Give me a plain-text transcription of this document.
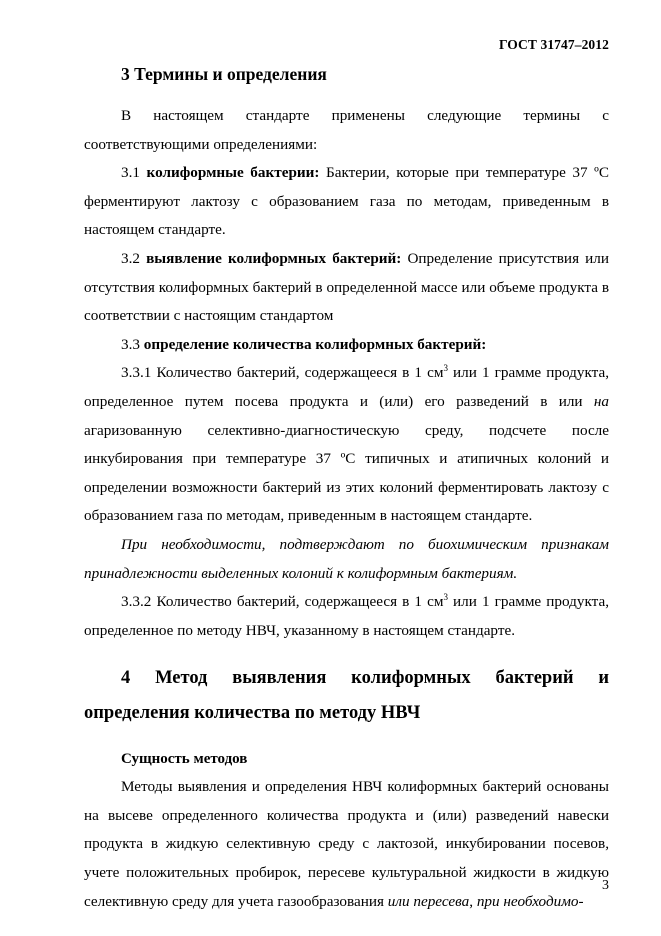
ГОСТ 31747–2012

3 Термины и определения

В настоящем стандарте применены следующие термины с соответствующими определениями:

3.1 колиформные бактерии: Бактерии, которые при температуре 37 ºС ферментируют лактозу с образованием газа по методам, приведенным в настоящем стандарте.

3.2 выявление колиформных бактерий: Определение присутствия или отсутствия колиформных бактерий в определенной массе или объеме продукта в соответствии с настоящим стандартом

3.3 определение количества колиформных бактерий:

3.3.1 Количество бактерий, содержащееся в 1 $см^3$ или 1 грамме продукта, определенное путем посева продукта и (или) его разведений в или на агаризованную селективно-диагностическую среду, подсчете после инкубирования при температуре 37 ºС типичных и атипичных колоний и определении возможности бактерий из этих колоний ферментировать лактозу с образованием газа по методам, приведенным в настоящем стандарте.

При необходимости, подтверждают по биохимическим признакам принадлежности выделенных колоний к колиформным бактериям.

3.3.2 Количество бактерий, содержащееся в 1 $см^3$ или 1 грамме продукта, определенное по методу НВЧ, указанному в настоящем стандарте.

4 Метод выявления колиформных бактерий и определения количества по методу НВЧ

Сущность методов

Методы выявления и определения НВЧ колиформных бактерий основаны на высеве определенного количества продукта и (или) разведений навески продукта в жидкую селективную среду с лактозой, инкубировании посевов, учете положительных пробирок, пересеве культуральной жидкости в жидкую селективную среду для учета газообразования или пересева, при необходимо-

3
